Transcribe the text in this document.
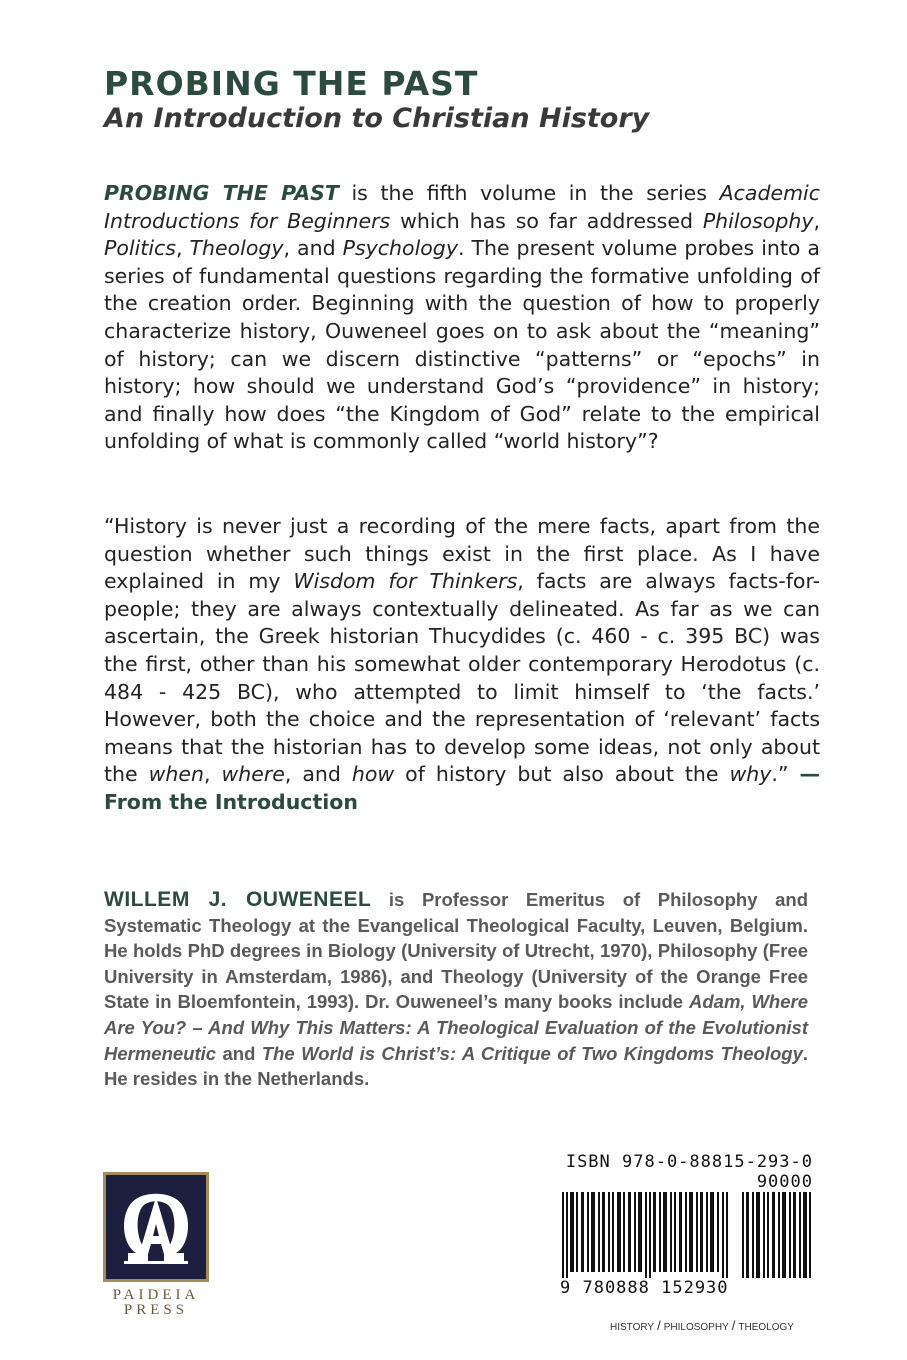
PROBING THE PAST
An Introduction to Christian History

PROBING THE PAST is the fifth volume in the series Academic Introductions for Beginners which has so far addressed Philosophy, Politics, Theology, and Psychology. The present volume probes into a series of fundamental questions regarding the formative unfolding of the creation order. Beginning with the question of how to properly characterize history, Ouweneel goes on to ask about the “meaning” of history; can we discern distinctive “patterns” or “epochs” in history; how should we understand God’s “providence” in history; and finally how does “the Kingdom of God” relate to the empirical unfolding of what is commonly called “world history”?

“History is never just a recording of the mere facts, apart from the question whether such things exist in the first place. As I have explained in my Wisdom for Thinkers, facts are always facts-for-people; they are always contextually delineated. As far as we can ascertain, the Greek historian Thucydides (c. 460 - c. 395 BC) was the first, other than his somewhat older contemporary Herodotus (c. 484 - 425 BC), who attempted to limit himself to ‘the facts.’ However, both the choice and the representation of ‘relevant’ facts means that the historian has to develop some ideas, not only about the when, where, and how of history but also about the why.” — From the Introduction

WILLEM J. OUWENEEL is Professor Emeritus of Philosophy and Systematic Theology at the Evangelical Theological Faculty, Leuven, Belgium. He holds PhD degrees in Biology (University of Utrecht, 1970), Philosophy (Free University in Amsterdam, 1986), and Theology (University of the Orange Free State in Bloemfontein, 1993). Dr. Ouweneel’s many books include Adam, Where Are You? – And Why This Matters: A Theological Evaluation of the Evolutionist Hermeneutic and The World is Christ’s: A Critique of Two Kingdoms Theology. He resides in the Netherlands.

PAIDEIA

PRESS

ISBN 978-0-88815-293-0

90000

9 780888 152930

HISTORY / PHILOSOPHY / THEOLOGY
